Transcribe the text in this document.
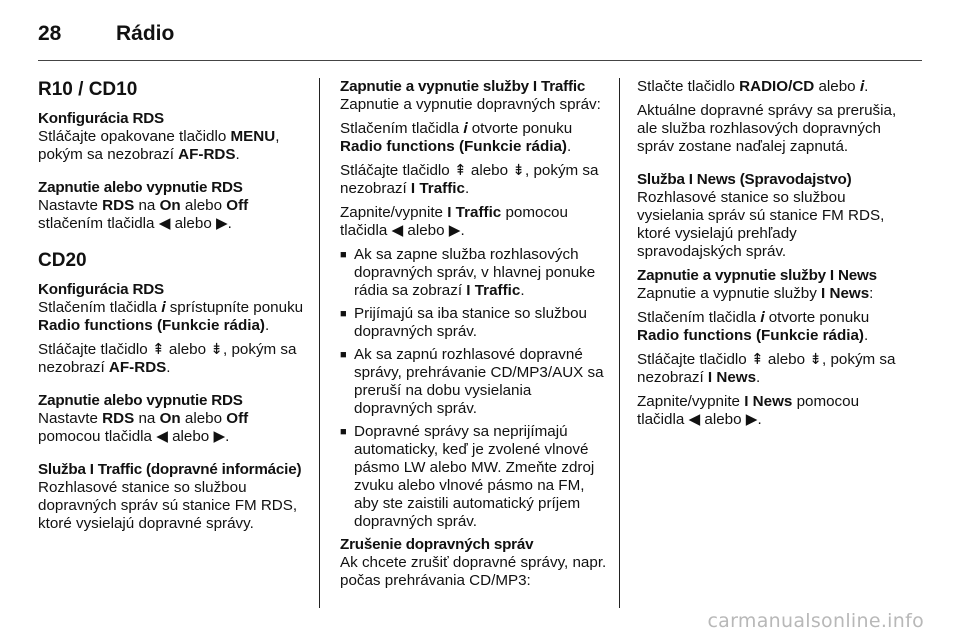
28	Rádio
R10 / CD10
Konfigurácia RDS

Stláčajte opakovane tlačidlo MENU, pokým sa nezobrazí AF-RDS.

Zapnutie alebo vypnutie RDS

Nastavte RDS na On alebo Off stlačením tlačidla ◀ alebo ▶.

CD20
Konfigurácia RDS

Stlačením tlačidla 𝒊 sprístupníte ponuku Radio functions (Funkcie rádia).

Stláčajte tlačidlo ⇞ alebo ⇟, pokým sa nezobrazí AF-RDS.

Zapnutie alebo vypnutie RDS

Nastavte RDS na On alebo Off pomocou tlačidla ◀ alebo ▶.

Služba I Traffic (dopravné informácie)

Rozhlasové stanice so službou dopravných správ sú stanice FM RDS, ktoré vysielajú dopravné správy.

Zapnutie a vypnutie služby I Traffic

Zapnutie a vypnutie dopravných správ:

Stlačením tlačidla 𝒊 otvorte ponuku Radio functions (Funkcie rádia).

Stláčajte tlačidlo ⇞ alebo ⇟, pokým sa nezobrazí I Traffic.

Zapnite/vypnite I Traffic pomocou tlačidla ◀ alebo ▶.

■ Ak sa zapne služba rozhlasových dopravných správ, v hlavnej ponuke rádia sa zobrazí I Traffic.
■ Prijímajú sa iba stanice so službou dopravných správ.
■ Ak sa zapnú rozhlasové dopravné správy, prehrávanie CD/MP3/AUX sa preruší na dobu vysielania dopravných správ.
■ Dopravné správy sa neprijímajú automaticky, keď je zvolené vlnové pásmo LW alebo MW. Zmeňte zdroj zvuku alebo vlnové pásmo na FM, aby ste zaistili automatický príjem dopravných správ.
Zrušenie dopravných správ

Ak chcete zrušiť dopravné správy, napr. počas prehrávania CD/MP3:

Stlačte tlačidlo RADIO/CD alebo 𝒊.

Aktuálne dopravné správy sa prerušia, ale služba rozhlasových dopravných správ zostane naďalej zapnutá.

Služba I News (Spravodajstvo)

Rozhlasové stanice so službou vysielania správ sú stanice FM RDS, ktoré vysielajú prehľady spravodajských správ.

Zapnutie a vypnutie služby I News

Zapnutie a vypnutie služby I News:

Stlačením tlačidla 𝒊 otvorte ponuku Radio functions (Funkcie rádia).

Stláčajte tlačidlo ⇞ alebo ⇟, pokým sa nezobrazí I News.

Zapnite/vypnite I News pomocou tlačidla ◀ alebo ▶.

carmanualsonline.info
